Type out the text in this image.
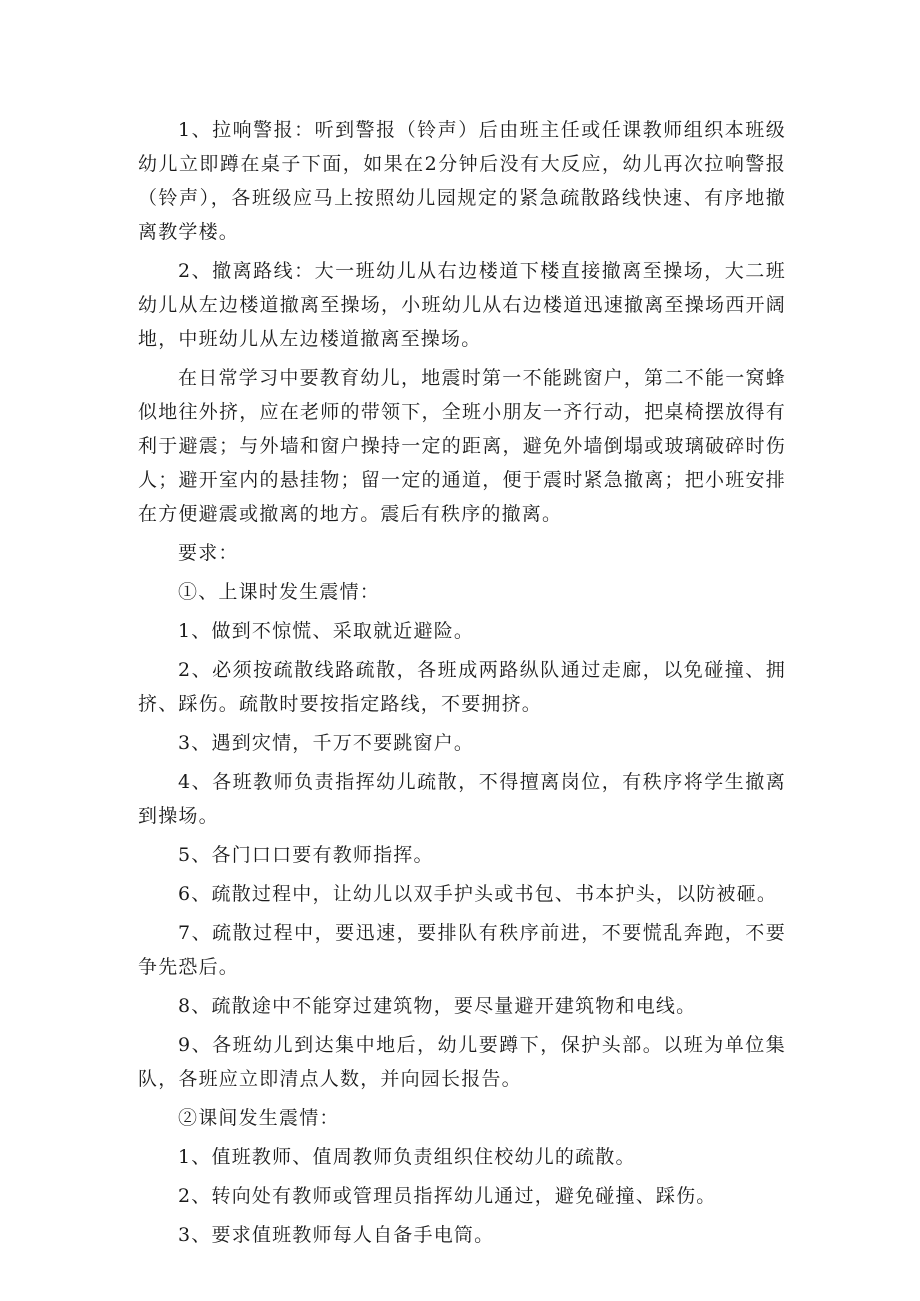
1、拉响警报：听到警报（铃声）后由班主任或任课教师组织本班级幼儿立即蹲在桌子下面，如果在2分钟后没有大反应，幼儿再次拉响警报（铃声），各班级应马上按照幼儿园规定的紧急疏散路线快速、有序地撤离教学楼。

2、撤离路线：大一班幼儿从右边楼道下楼直接撤离至操场，大二班幼儿从左边楼道撤离至操场，小班幼儿从右边楼道迅速撤离至操场西开阔地，中班幼儿从左边楼道撤离至操场。

在日常学习中要教育幼儿，地震时第一不能跳窗户，第二不能一窝蜂似地往外挤，应在老师的带领下，全班小朋友一齐行动，把桌椅摆放得有利于避震；与外墙和窗户操持一定的距离，避免外墙倒塌或玻璃破碎时伤人；避开室内的悬挂物；留一定的通道，便于震时紧急撤离；把小班安排在方便避震或撤离的地方。震后有秩序的撤离。

要求：

①、上课时发生震情：

1、做到不惊慌、采取就近避险。

2、必须按疏散线路疏散，各班成两路纵队通过走廊，以免碰撞、拥挤、踩伤。疏散时要按指定路线，不要拥挤。

3、遇到灾情，千万不要跳窗户。

4、各班教师负责指挥幼儿疏散，不得擅离岗位，有秩序将学生撤离到操场。

5、各门口口要有教师指挥。

6、疏散过程中，让幼儿以双手护头或书包、书本护头，以防被砸。

7、疏散过程中，要迅速，要排队有秩序前进，不要慌乱奔跑，不要争先恐后。

8、疏散途中不能穿过建筑物，要尽量避开建筑物和电线。

9、各班幼儿到达集中地后，幼儿要蹲下，保护头部。以班为单位集队，各班应立即清点人数，并向园长报告。

②课间发生震情：

1、值班教师、值周教师负责组织住校幼儿的疏散。

2、转向处有教师或管理员指挥幼儿通过，避免碰撞、踩伤。

3、要求值班教师每人自备手电筒。
